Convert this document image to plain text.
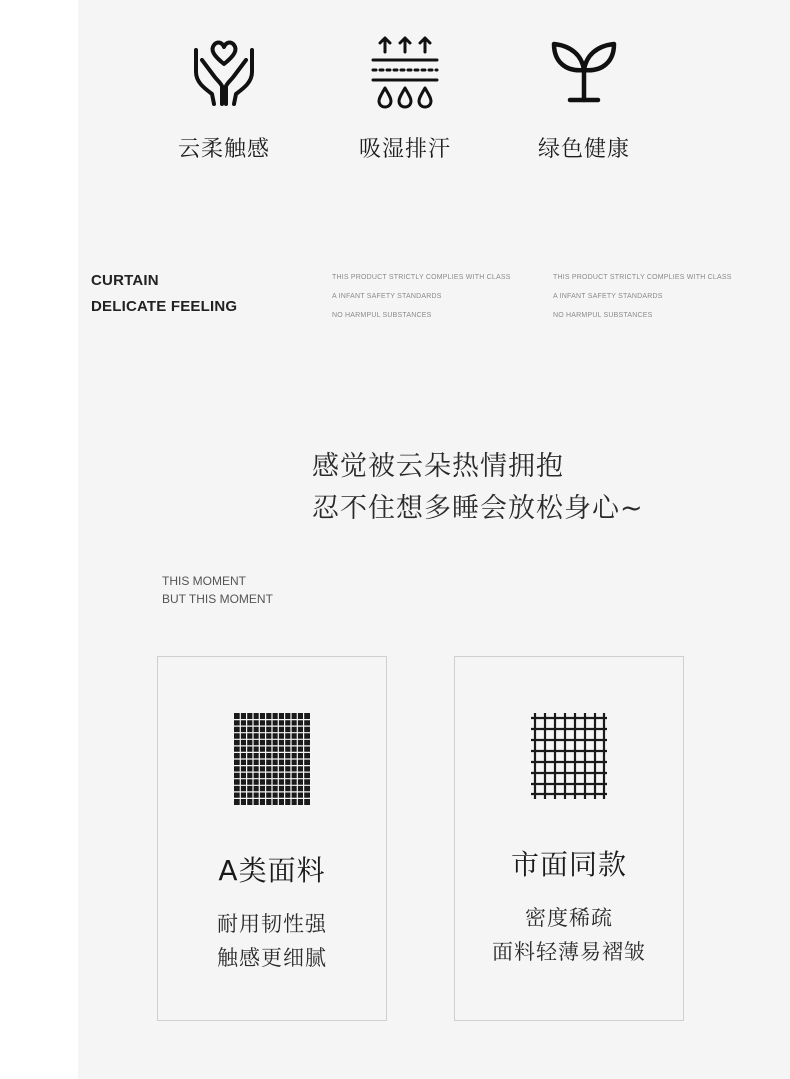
云柔触感	吸湿排汗	绿色健康
CURTAIN
DELICATE FEELING
THIS PRODUCT STRICTLY COMPLIES WITH CLASS
A INFANT SAFETY STANDARDS
NO HARMPUL SUBSTANCES
THIS PRODUCT STRICTLY COMPLIES WITH CLASS
A INFANT SAFETY STANDARDS
NO HARMPUL SUBSTANCES
感觉被云朵热情拥抱
忍不住想多睡会放松身心~
THIS MOMENT
BUT THIS MOMENT
A类面料
耐用韧性强
触感更细腻
市面同款
密度稀疏
面料轻薄易褶皱
